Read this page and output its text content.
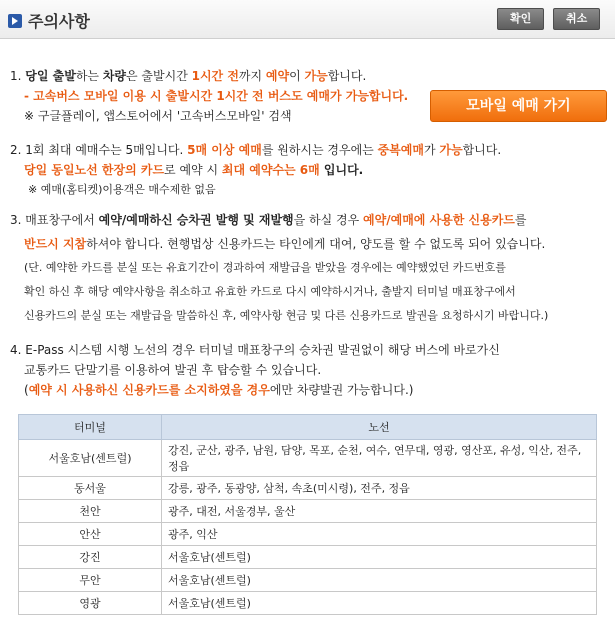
주의사항	확인	취소
1. 당일 출발하는 차량은 출발시간 1시간 전까지 예약이 가능합니다.
- 고속버스 모바일 이용 시 출발시간 1시간 전 버스도 예매가 가능합니다.
※ 구글플레이, 앱스토어에서 '고속버스모바일' 검색
모바일 예매 가기
2. 1회 최대 예매수는 5매입니다. 5매 이상 예매를 원하시는 경우에는 중복예매가 가능합니다.
당일 동일노선 한장의 카드로 예약 시 최대 예약수는 6매 입니다.
※ 예매(홈티켓)이용객은 매수제한 없음
3. 매표창구에서 예약/예매하신 승차권 발행 및 재발행을 하실 경우 예약/예매에 사용한 신용카드를
반드시 지참하셔야 합니다. 현행법상 신용카드는 타인에게 대여, 양도를 할 수 없도록 되어 있습니다.
(단. 예약한 카드를 분실 또는 유효기간이 경과하여 재발급을 받았을 경우에는 예약했었던 카드번호를
확인 하신 후 해당 예약사항을 취소하고 유효한 카드로 다시 예약하시거나, 출발지 터미널 매표창구에서
신용카드의 분실 또는 재발급을 말씀하신 후, 예약사항 현금 및 다른 신용카드로 발권을 요청하시기 바랍니다.)
4. E-Pass 시스템 시행 노선의 경우 터미널 매표창구의 승차권 발권없이 해당 버스에 바로가신
교통카드 단말기를 이용하여 발권 후 탑승할 수 있습니다.
(예약 시 사용하신 신용카드를 소지하였을 경우에만 차량발권 가능합니다.)
터미널	노선
서울호남(센트럴)	강진, 군산, 광주, 남원, 담양, 목포, 순천, 여수, 연무대, 영광, 영산포, 유성, 익산, 전주, 정읍
동서울	강릉, 광주, 동광양, 삼척, 속초(미시령), 전주, 정읍
천안	광주, 대전, 서울경부, 울산
안산	광주, 익산
강진	서울호남(센트럴)
무안	서울호남(센트럴)
영광	서울호남(센트럴)
